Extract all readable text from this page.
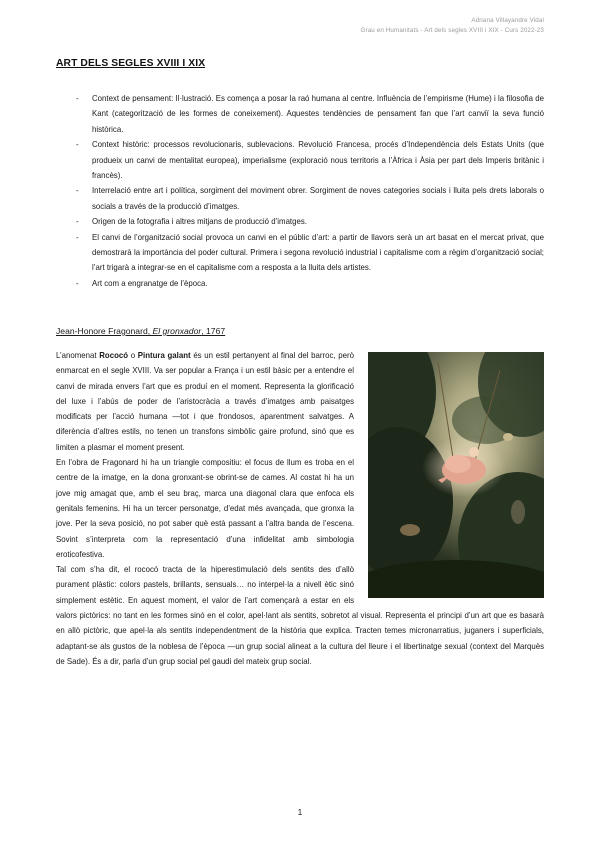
Adriana Villayandre Vidal
Grau en Humanitats - Art dels segles XVIII i XIX - Curs 2022-23
ART DELS SEGLES XVIII I XIX
- Context de pensament: Il·lustració. Es comença a posar la raó humana al centre. Influència de l’empirisme (Hume) i la filosofia de Kant (categorització de les formes de coneixement). Aquestes tendències de pensament fan que l’art canviï la seva funció històrica.
- Context històric: processos revolucionaris, sublevacions. Revolució Francesa, procés d’Independència dels Estats Units (que produeix un canvi de mentalitat europea), imperialisme (exploració nous territoris a l’Àfrica i Àsia per part dels Imperis britànic i francès).
- Interrelació entre art i política, sorgiment del moviment obrer. Sorgiment de noves categories socials i lluita pels drets laborals o socials a través de la producció d’imatges.
- Origen de la fotografia i altres mitjans de producció d’imatges.
- El canvi de l’organització social provoca un canvi en el públic d’art: a partir de llavors serà un art basat en el mercat privat, que demostrarà la importància del poder cultural. Primera i segona revolució industrial i capitalisme com a règim d’organització social; l’art trigarà a integrar-se en el capitalisme com a resposta a la lluita dels artistes.
- Art com a engranatge de l’època.
Jean-Honore Fragonard, El gronxador, 1767

L’anomenat Rococó o Pintura galant és un estil pertanyent al final del barroc, però enmarcat en el segle XVIII. Va ser popular a França i un estil bàsic per a entendre el canvi de mirada envers l’art que es produí en el moment. Representa la glorificació del luxe i l’abús de poder de l’aristocràcia a través d’imatges amb paisatges modificats per l’acció humana —tot i que frondosos, aparentment salvatges. A diferència d’altres estils, no tenen un transfons simbòlic gaire profund, sinó que es limiten a plasmar el moment present.

En l’obra de Fragonard hi ha un triangle compositiu: el focus de llum es troba en el centre de la imatge, en la dona gronxant-se obrint-se de cames. Al costat hi ha un jove mig amagat que, amb el seu braç, marca una diagonal clara que enfoca els genitals femenins. Hi ha un tercer personatge, d’edat més avançada, que gronxa la jove. Per la seva posició, no pot saber què està passant a l’altra banda de l’escena. Sovint s’interpreta com la representació d’una infidelitat amb simbologia eroticofestiva.

Tal com s’ha dit, el rococó tracta de la hiperestimulació dels sentits des d’allò purament plàstic: colors pastels, brillants, sensuals… no interpel·la a nivell ètic sinó simplement estètic. En aquest moment, el valor de l’art començarà a estar en els valors pictòrics: no tant en les formes sinó en el color, apel·lant als sentits, sobretot al visual. Representa el principi d’un art que es basarà en allò pictòric, que apel·la als sentits independentment de la història que explica. Tracten temes micronarratius, juganers i superficials, adaptant-se als gustos de la noblesa de l’època —un grup social alineat a la cultura del lleure i el libertinatge sexual (context del Marquès de Sade). És a dir, parla d’un grup social pel gaudi del mateix grup social.

1
